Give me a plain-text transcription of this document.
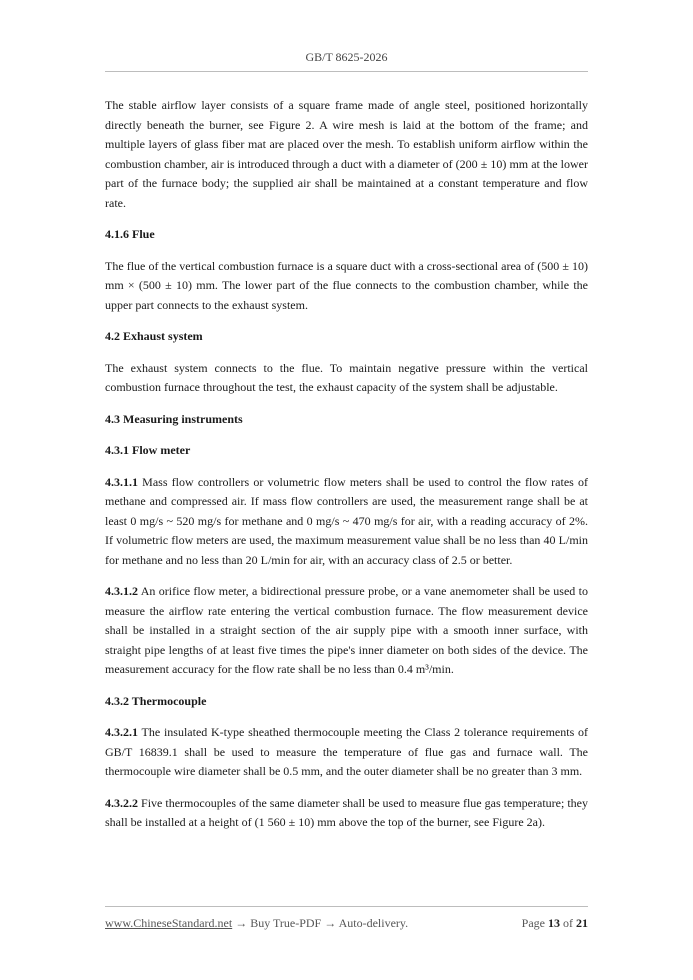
GB/T 8625-2026

The stable airflow layer consists of a square frame made of angle steel, positioned horizontally directly beneath the burner, see Figure 2. A wire mesh is laid at the bottom of the frame; and multiple layers of glass fiber mat are placed over the mesh. To establish uniform airflow within the combustion chamber, air is introduced through a duct with a diameter of (200 ± 10) mm at the lower part of the furnace body; the supplied air shall be maintained at a constant temperature and flow rate.

4.1.6 Flue

The flue of the vertical combustion furnace is a square duct with a cross-sectional area of (500 ± 10) mm × (500 ± 10) mm. The lower part of the flue connects to the combustion chamber, while the upper part connects to the exhaust system.

4.2 Exhaust system

The exhaust system connects to the flue. To maintain negative pressure within the vertical combustion furnace throughout the test, the exhaust capacity of the system shall be adjustable.

4.3 Measuring instruments
4.3.1 Flow meter

4.3.1.1 Mass flow controllers or volumetric flow meters shall be used to control the flow rates of methane and compressed air. If mass flow controllers are used, the measurement range shall be at least 0 mg/s ~ 520 mg/s for methane and 0 mg/s ~ 470 mg/s for air, with a reading accuracy of 2%. If volumetric flow meters are used, the maximum measurement value shall be no less than 40 L/min for methane and no less than 20 L/min for air, with an accuracy class of 2.5 or better.

4.3.1.2 An orifice flow meter, a bidirectional pressure probe, or a vane anemometer shall be used to measure the airflow rate entering the vertical combustion furnace. The flow measurement device shall be installed in a straight section of the air supply pipe with a smooth inner surface, with straight pipe lengths of at least five times the pipe's inner diameter on both sides of the device. The measurement accuracy for the flow rate shall be no less than 0.4 m³/min.

4.3.2 Thermocouple

4.3.2.1 The insulated K-type sheathed thermocouple meeting the Class 2 tolerance requirements of GB/T 16839.1 shall be used to measure the temperature of flue gas and furnace wall. The thermocouple wire diameter shall be 0.5 mm, and the outer diameter shall be no greater than 3 mm.

4.3.2.2 Five thermocouples of the same diameter shall be used to measure flue gas temperature; they shall be installed at a height of (1 560 ± 10) mm above the top of the burner, see Figure 2a).

www.ChineseStandard.net → Buy True-PDF → Auto-delivery.	Page 13 of 21
